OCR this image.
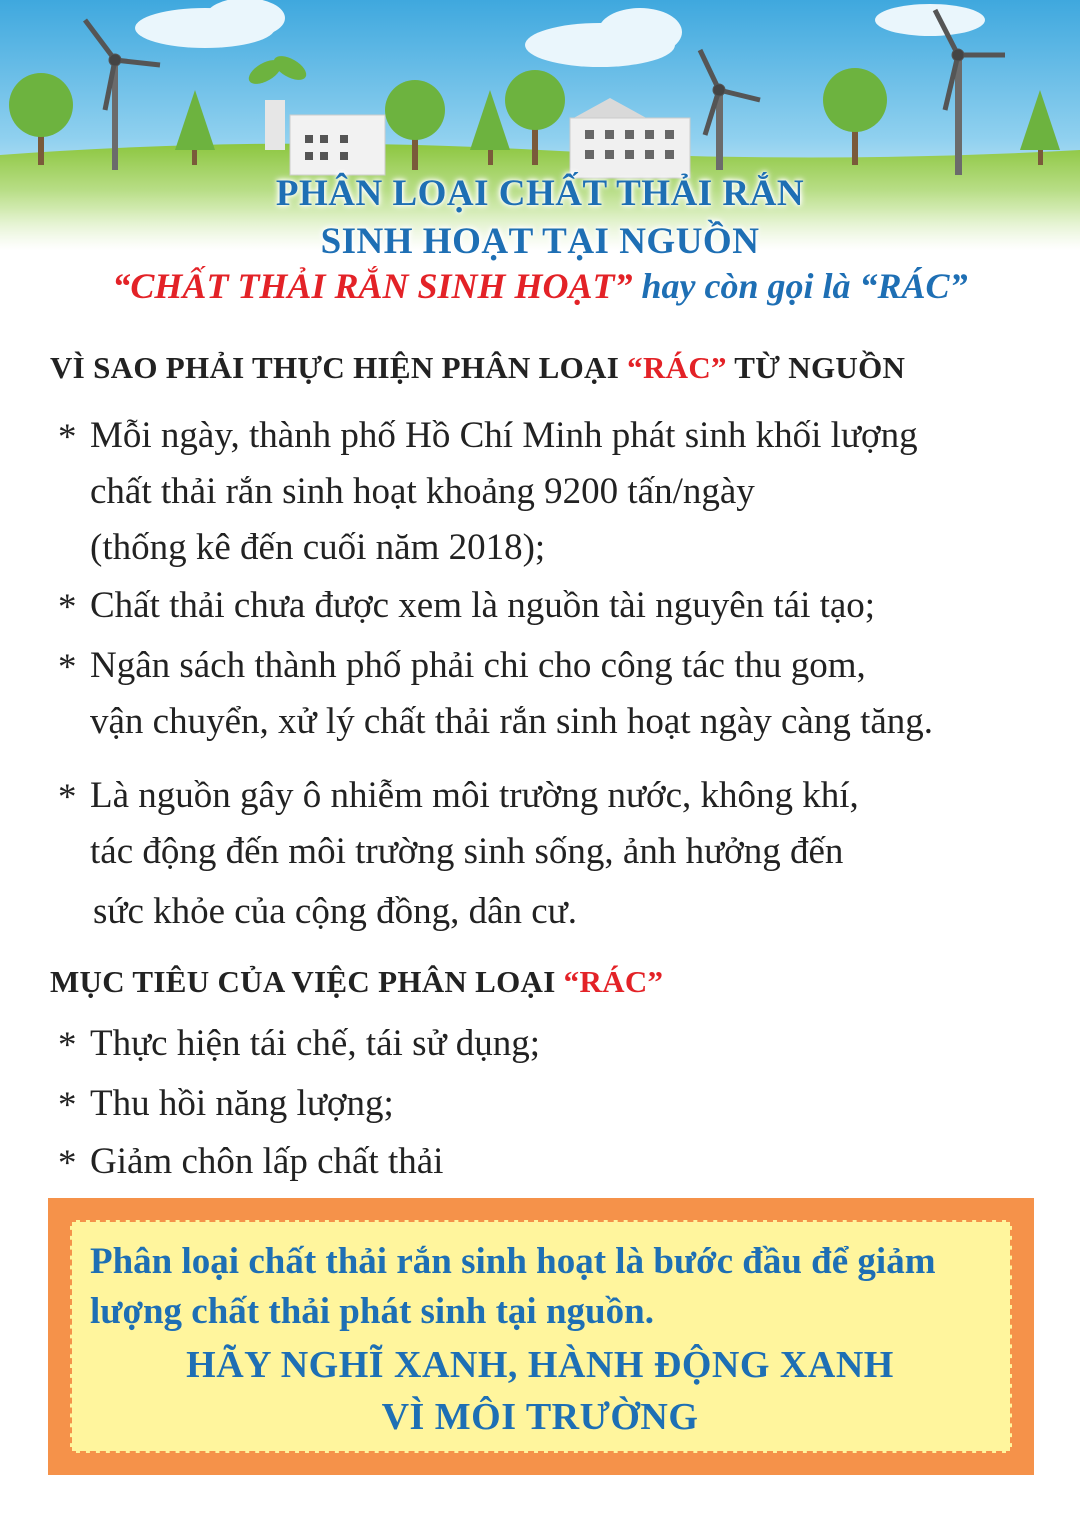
PHÂN LOẠI CHẤT THẢI RẮN
SINH HOẠT TẠI NGUỒN
“CHẤT THẢI RẮN SINH HOẠT” hay còn gọi là “RÁC”
VÌ SAO PHẢI THỰC HIỆN PHÂN LOẠI “RÁC” TỪ NGUỒN
* Mỗi ngày, thành phố Hồ Chí Minh phát sinh khối lượng
chất thải rắn sinh hoạt khoảng 9200 tấn/ngày
(thống kê đến cuối năm 2018);
* Chất thải chưa được xem là nguồn tài nguyên tái tạo;
* Ngân sách thành phố phải chi cho công tác thu gom,
vận chuyển, xử lý chất thải rắn sinh hoạt ngày càng tăng.
* Là nguồn gây ô nhiễm môi trường nước, không khí,
tác động đến môi trường sinh sống, ảnh hưởng đến
sức khỏe của cộng đồng, dân cư.
MỤC TIÊU CỦA VIỆC PHÂN LOẠI “RÁC”
* Thực hiện tái chế, tái sử dụng;
* Thu hồi năng lượng;
* Giảm chôn lấp chất thải
Phân loại chất thải rắn sinh hoạt là bước đầu để giảm
lượng chất thải phát sinh tại nguồn.
HÃY NGHĨ XANH, HÀNH ĐỘNG XANH
VÌ MÔI TRƯỜNG
